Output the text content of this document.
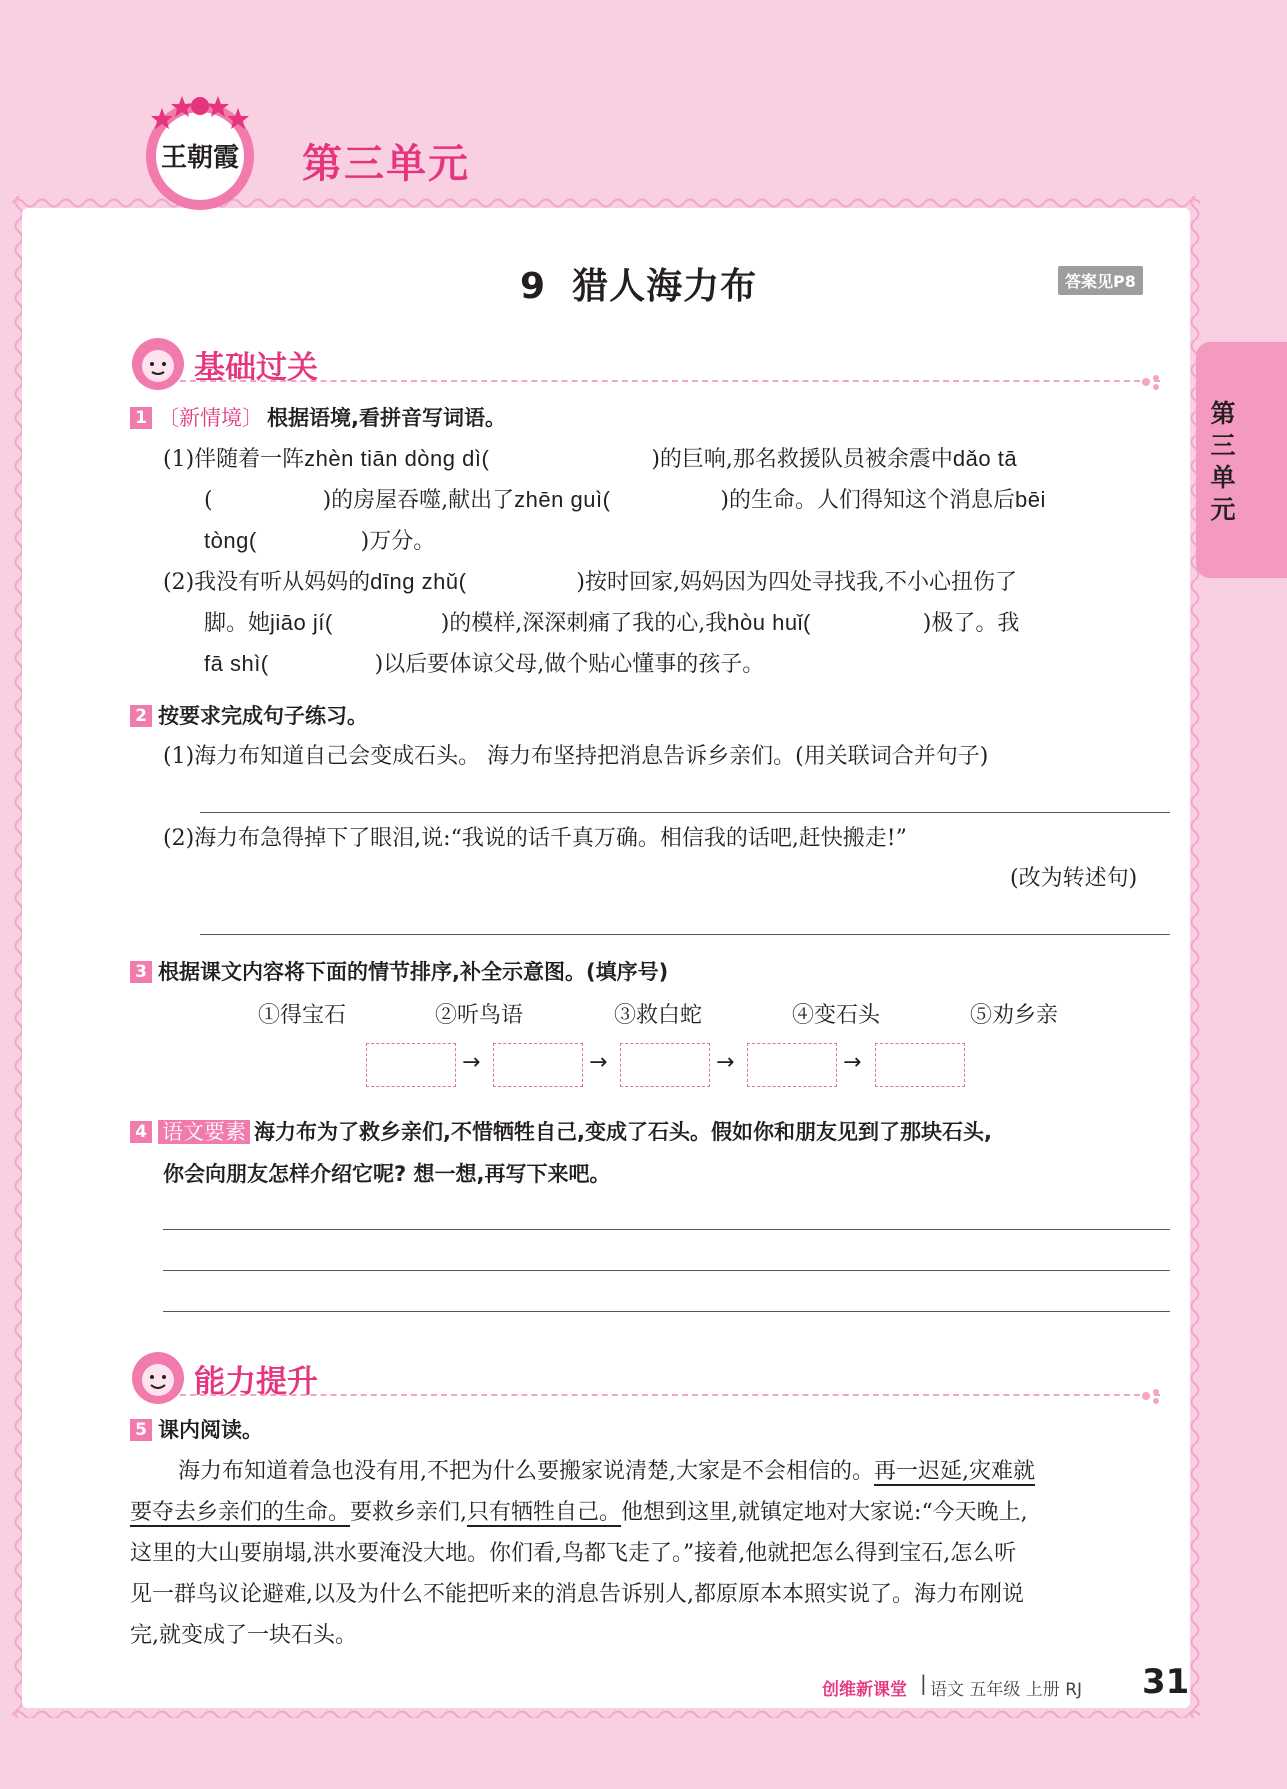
王朝霞 第三单元
第三单元
9 猎人海力布	答案见P8
基础过关
1 〔新情境〕 根据语境,看拼音写词语。
(1)伴随着一阵zhèn tiān dòng dì(	)的巨响,那名救援队员被余震中dǎo tā
(	)的房屋吞噬,献出了zhēn guì(	)的生命。人们得知这个消息后bēi
tòng(	)万分。
(2)我没有听从妈妈的dīng zhǔ(	)按时回家,妈妈因为四处寻找我,不小心扭伤了
脚。她jiāo jí(	)的模样,深深刺痛了我的心,我hòu huǐ(	)极了。我
fā shì(	)以后要体谅父母,做个贴心懂事的孩子。
2 按要求完成句子练习。
(1)海力布知道自己会变成石头。 海力布坚持把消息告诉乡亲们。(用关联词合并句子)
(2)海力布急得掉下了眼泪,说:“我说的话千真万确。相信我的话吧,赶快搬走!”
(改为转述句)
3 根据课文内容将下面的情节排序,补全示意图。(填序号)
①得宝石	②听鸟语	③救白蛇	④变石头	⑤劝乡亲
→	→	→	→
4 语文要素 海力布为了救乡亲们,不惜牺牲自己,变成了石头。假如你和朋友见到了那块石头,
你会向朋友怎样介绍它呢? 想一想,再写下来吧。
能力提升
5 课内阅读。
海力布知道着急也没有用,不把为什么要搬家说清楚,大家是不会相信的。再一迟延,灾难就
要夺去乡亲们的生命。要救乡亲们,只有牺牲自己。他想到这里,就镇定地对大家说:“今天晚上,
这里的大山要崩塌,洪水要淹没大地。你们看,鸟都飞走了。”接着,他就把怎么得到宝石,怎么听
见一群鸟议论避难,以及为什么不能把听来的消息告诉别人,都原原本本照实说了。海力布刚说
完,就变成了一块石头。
创维新课堂 | 语文 五年级 上册 RJ 31
